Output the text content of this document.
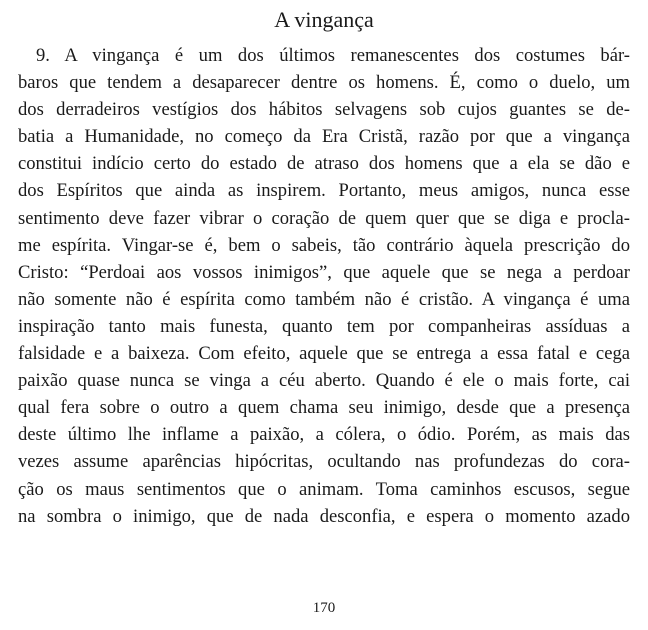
A vingança
9. A vingança é um dos últimos remanescentes dos costumes bár-
baros que tendem a desaparecer dentre os homens. É, como o duelo, um
dos derradeiros vestígios dos hábitos selvagens sob cujos guantes se de-
batia a Humanidade, no começo da Era Cristã, razão por que a vingança
constitui indício certo do estado de atraso dos homens que a ela se dão e
dos Espíritos que ainda as inspirem. Portanto, meus amigos, nunca esse
sentimento deve fazer vibrar o coração de quem quer que se diga e procla-
me espírita. Vingar-se é, bem o sabeis, tão contrário àquela prescrição do
Cristo: “Perdoai aos vossos inimigos”, que aquele que se nega a perdoar
não somente não é espírita como também não é cristão. A vingança é uma
inspiração tanto mais funesta, quanto tem por companheiras assíduas a
falsidade e a baixeza. Com efeito, aquele que se entrega a essa fatal e cega
paixão quase nunca se vinga a céu aberto. Quando é ele o mais forte, cai
qual fera sobre o outro a quem chama seu inimigo, desde que a presença
deste último lhe inflame a paixão, a cólera, o ódio. Porém, as mais das
vezes assume aparências hipócritas, ocultando nas profundezas do cora-
ção os maus sentimentos que o animam. Toma caminhos escusos, segue
na sombra o inimigo, que de nada desconfia, e espera o momento azado
170
